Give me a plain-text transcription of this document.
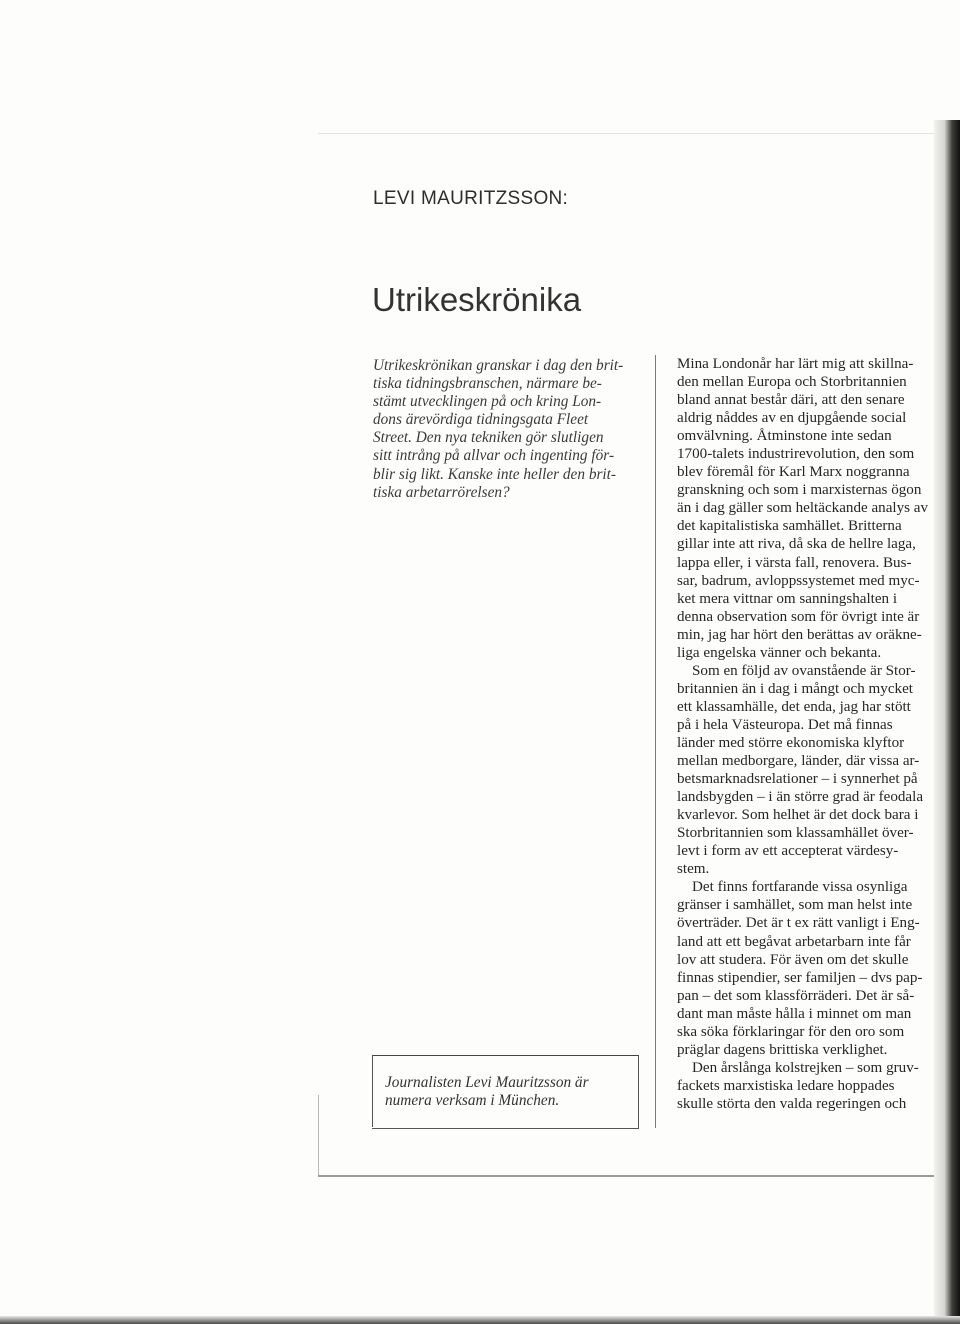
LEVI MAURITZSSON:
Utrikeskrönika
Utrikeskrönikan granskar i dag den brit-
tiska tidningsbranschen, närmare be-
stämt utvecklingen på och kring Lon-
dons ärevördiga tidningsgata Fleet
Street. Den nya tekniken gör slutligen
sitt intrång på allvar och ingenting för-
blir sig likt. Kanske inte heller den brit-
tiska arbetarrörelsen?
Journalisten Levi Mauritzsson är
numera verksam i München.
Mina Londonår har lärt mig att skillna-
den mellan Europa och Storbritannien
bland annat består däri, att den senare
aldrig nåddes av en djupgående social
omvälvning. Åtminstone inte sedan
1700-talets industrirevolution, den som
blev föremål för Karl Marx noggranna
granskning och som i marxisternas ögon
än i dag gäller som heltäckande analys av
det kapitalistiska samhället. Britterna
gillar inte att riva, då ska de hellre laga,
lappa eller, i värsta fall, renovera. Bus-
sar, badrum, avloppssystemet med myc-
ket mera vittnar om sanningshalten i
denna observation som för övrigt inte är
min, jag har hört den berättas av oräkne-
liga engelska vänner och bekanta.
Som en följd av ovanstående är Stor-
britannien än i dag i mångt och mycket
ett klassamhälle, det enda, jag har stött
på i hela Västeuropa. Det må finnas
länder med större ekonomiska klyftor
mellan medborgare, länder, där vissa ar-
betsmarknadsrelationer – i synnerhet på
landsbygden – i än större grad är feodala
kvarlevor. Som helhet är det dock bara i
Storbritannien som klassamhället över-
levt i form av ett accepterat värdesy-
stem.
Det finns fortfarande vissa osynliga
gränser i samhället, som man helst inte
överträder. Det är t ex rätt vanligt i Eng-
land att ett begåvat arbetarbarn inte får
lov att studera. För även om det skulle
finnas stipendier, ser familjen – dvs pap-
pan – det som klassförräderi. Det är så-
dant man måste hålla i minnet om man
ska söka förklaringar för den oro som
präglar dagens brittiska verklighet.
Den årslånga kolstrejken – som gruv-
fackets marxistiska ledare hoppades
skulle störta den valda regeringen och
